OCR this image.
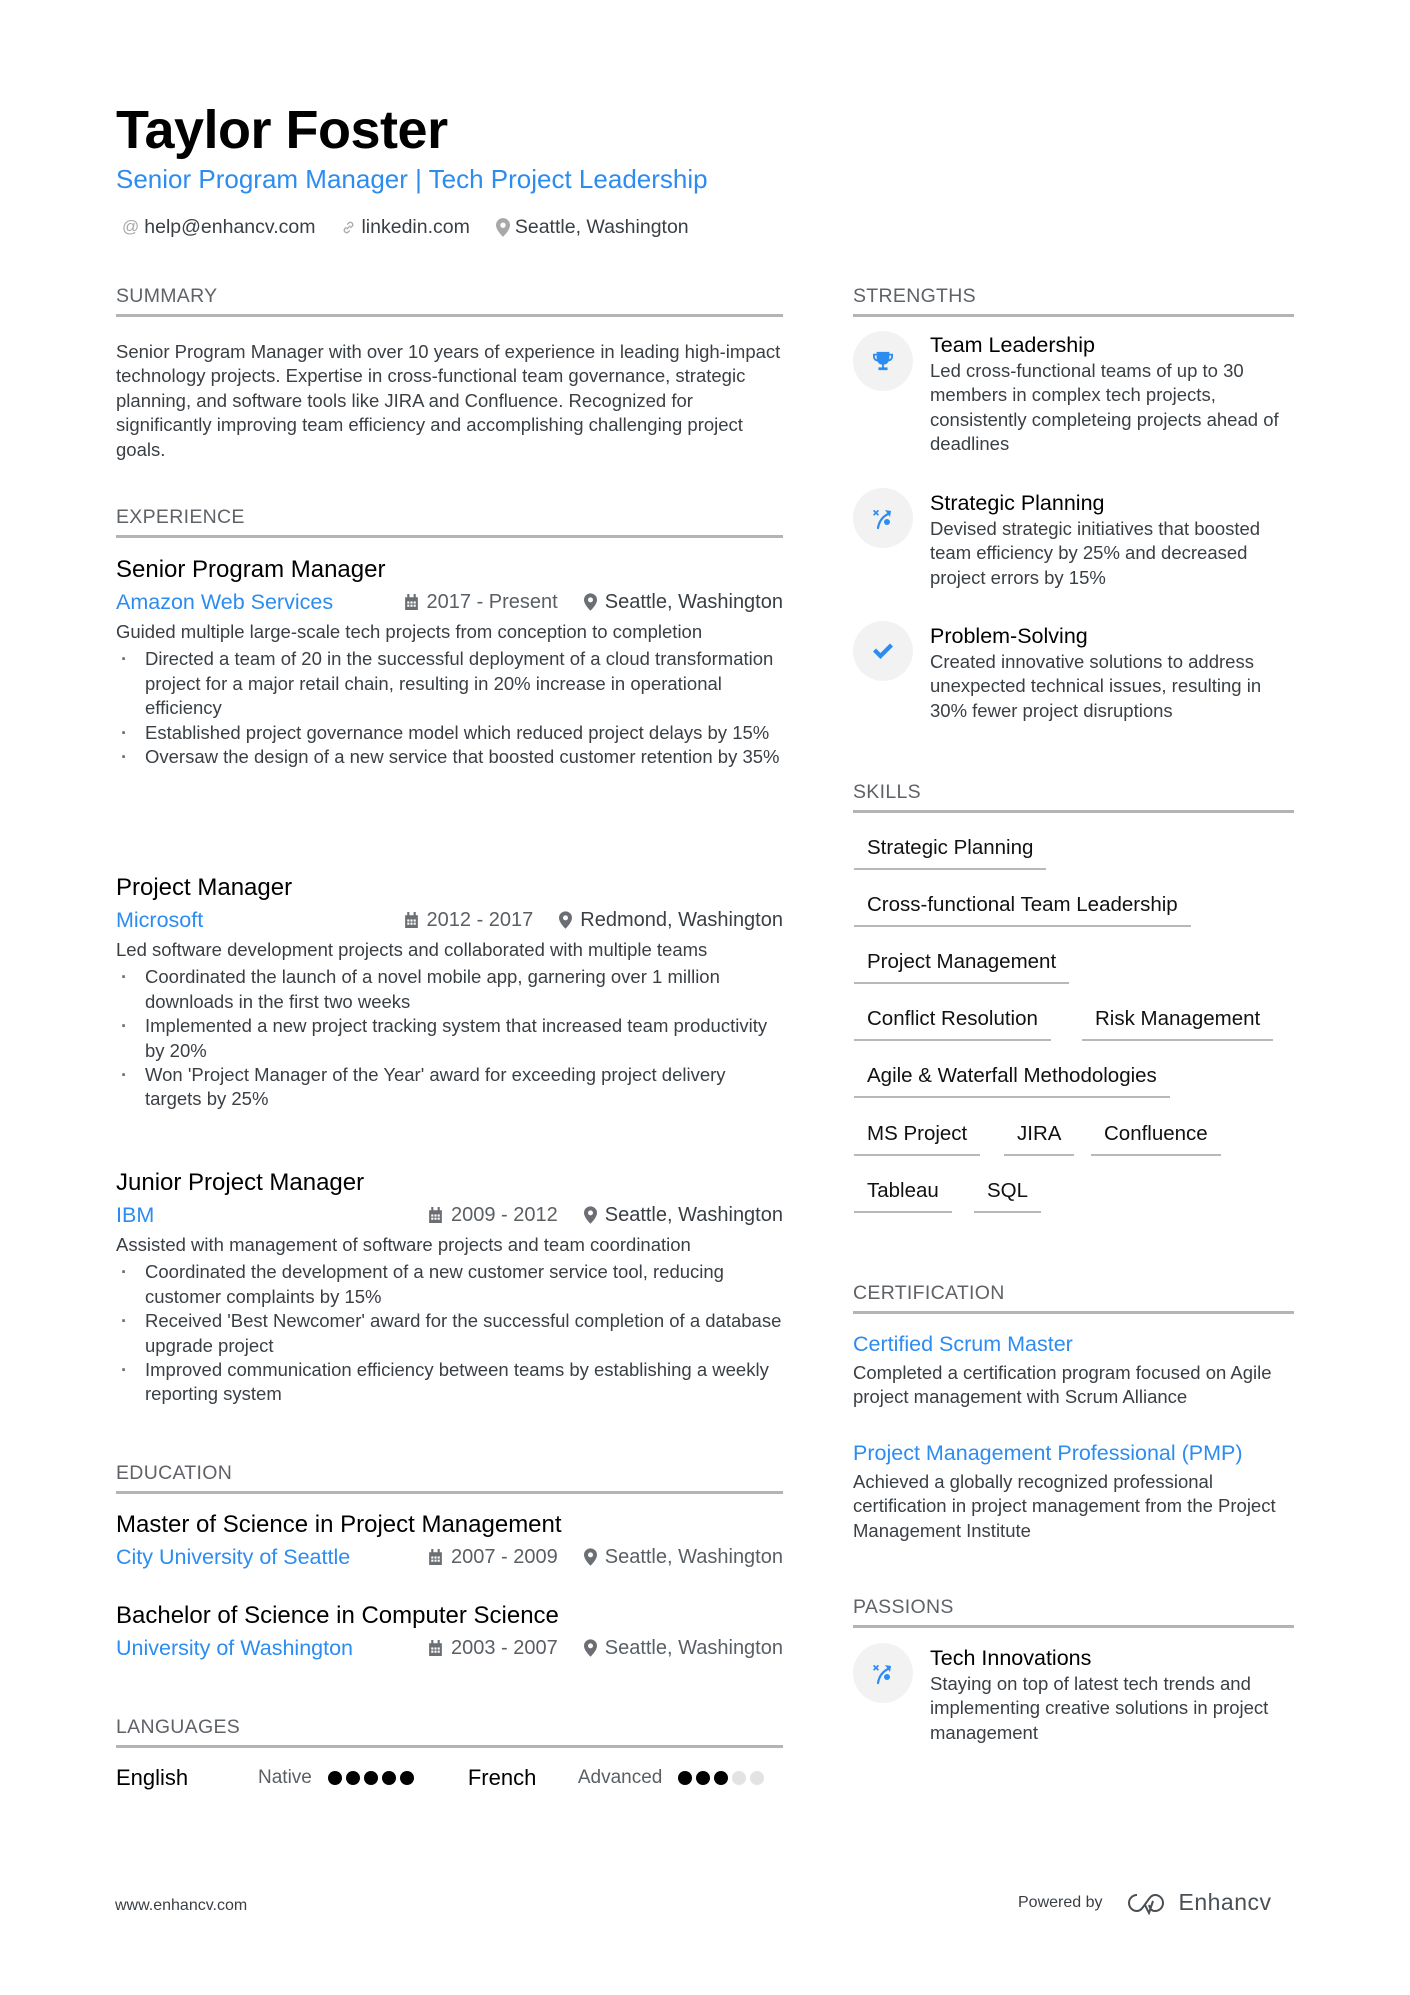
Taylor Foster
Senior Program Manager | Tech Project Leadership
@ help@enhancv.com linkedin.com Seattle, Washington
SUMMARY
Senior Program Manager with over 10 years of experience in leading high-impact technology projects. Expertise in cross-functional team governance, strategic planning, and software tools like JIRA and Confluence. Recognized for significantly improving team efficiency and accomplishing challenging project goals.
EXPERIENCE
Senior Program Manager
Amazon Web Services	2017 - Present Seattle, Washington
Guided multiple large-scale tech projects from conception to completion
· Directed a team of 20 in the successful deployment of a cloud transformation project for a major retail chain, resulting in 20% increase in operational efficiency
· Established project governance model which reduced project delays by 15%
· Oversaw the design of a new service that boosted customer retention by 35%
Project Manager
Microsoft	2012 - 2017 Redmond, Washington
Led software development projects and collaborated with multiple teams
· Coordinated the launch of a novel mobile app, garnering over 1 million downloads in the first two weeks
· Implemented a new project tracking system that increased team productivity by 20%
· Won 'Project Manager of the Year' award for exceeding project delivery targets by 25%
Junior Project Manager
IBM	2009 - 2012 Seattle, Washington
Assisted with management of software projects and team coordination
· Coordinated the development of a new customer service tool, reducing customer complaints by 15%
· Received 'Best Newcomer' award for the successful completion of a database upgrade project
· Improved communication efficiency between teams by establishing a weekly reporting system
EDUCATION
Master of Science in Project Management
City University of Seattle	2007 - 2009 Seattle, Washington
Bachelor of Science in Computer Science
University of Washington	2003 - 2007 Seattle, Washington
LANGUAGES
English	Native	French	Advanced
STRENGTHS
Team Leadership
Led cross-functional teams of up to 30 members in complex tech projects, consistently completeing projects ahead of deadlines
Strategic Planning
Devised strategic initiatives that boosted team efficiency by 25% and decreased project errors by 15%
Problem-Solving
Created innovative solutions to address unexpected technical issues, resulting in 30% fewer project disruptions
SKILLS
Strategic Planning
Cross-functional Team Leadership
Project Management
Conflict Resolution	Risk Management
Agile & Waterfall Methodologies
MS Project	JIRA	Confluence
Tableau	SQL
CERTIFICATION
Certified Scrum Master
Completed a certification program focused on Agile project management with Scrum Alliance
Project Management Professional (PMP)
Achieved a globally recognized professional certification in project management from the Project Management Institute
PASSIONS
Tech Innovations
Staying on top of latest tech trends and implementing creative solutions in project management
www.enhancv.com	Powered by	Enhancv
